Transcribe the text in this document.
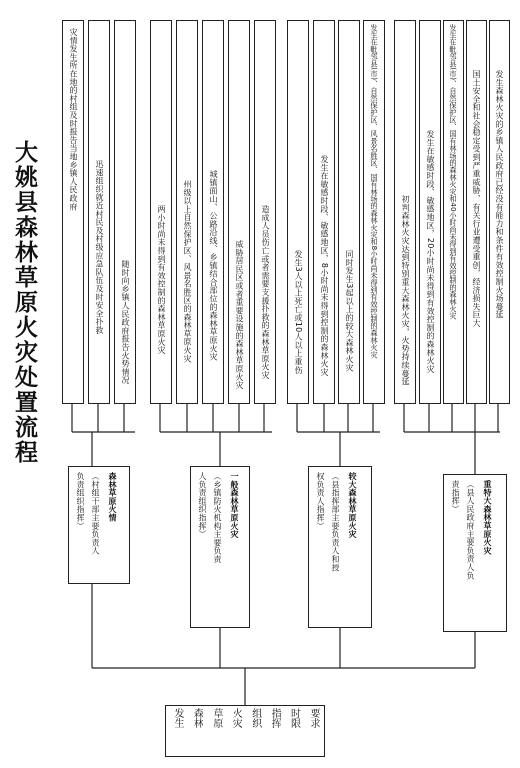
大姚县森林草原火灾处置流程
要求
时限
指挥
组织
火灾
草原
森林
发生
负责组织指挥） （村组干部主要负责人 森林草原火情	人负责组织指挥） （乡镇防火机构主要负责 一般森林草原火灾	权负责人指挥） （县指挥部主要负责人和授 较大森林草原火灾	责指挥） （县人民政府主要负责人负 重特大森林草原火灾
灾情发生所在地的村组及时报告当地乡镇人民政府
迅速组织就近村民及村级应急队伍及时安全扑救 随时向乡镇人民政府报告火势情况	两小时尚未得到有效控制的森林草原火灾 州级以上自然保护区、风景名胜区的森林草原火灾 城镇面山、公路沿线、乡镇结合部位的森林草原火灾 威胁居民区或者重要设施的森林草原火灾 造成人员伤亡或者需要支援扑救的森林草原火灾	发生3人以上死亡或10人以上重伤 发生在敏感时段、敏感地区，8小时尚未得到控制的森林火灾 同时发生3起以上的较大森林火灾 发生在毗邻县(市)、自然保护区、风景名胜区、国有林场的森林火灾和8小时尚未得到有效控制的森林火灾	初判森林火灾达到特别重大森林火灾，火势持续蔓延 发生在敏感时段、敏感地区，20小时尚未得到有效控制的森林火灾 发生在毗邻县(市)、自然保护区、国有林场的森林火灾和40小时尚未得到有效控制的森林火灾 国土安全和社会稳定受到严重威胁，有关行业遭受重创，经济损失巨大 发生森林火灾的乡镇人民政府已经没有能力和条件有效控制火场蔓延
